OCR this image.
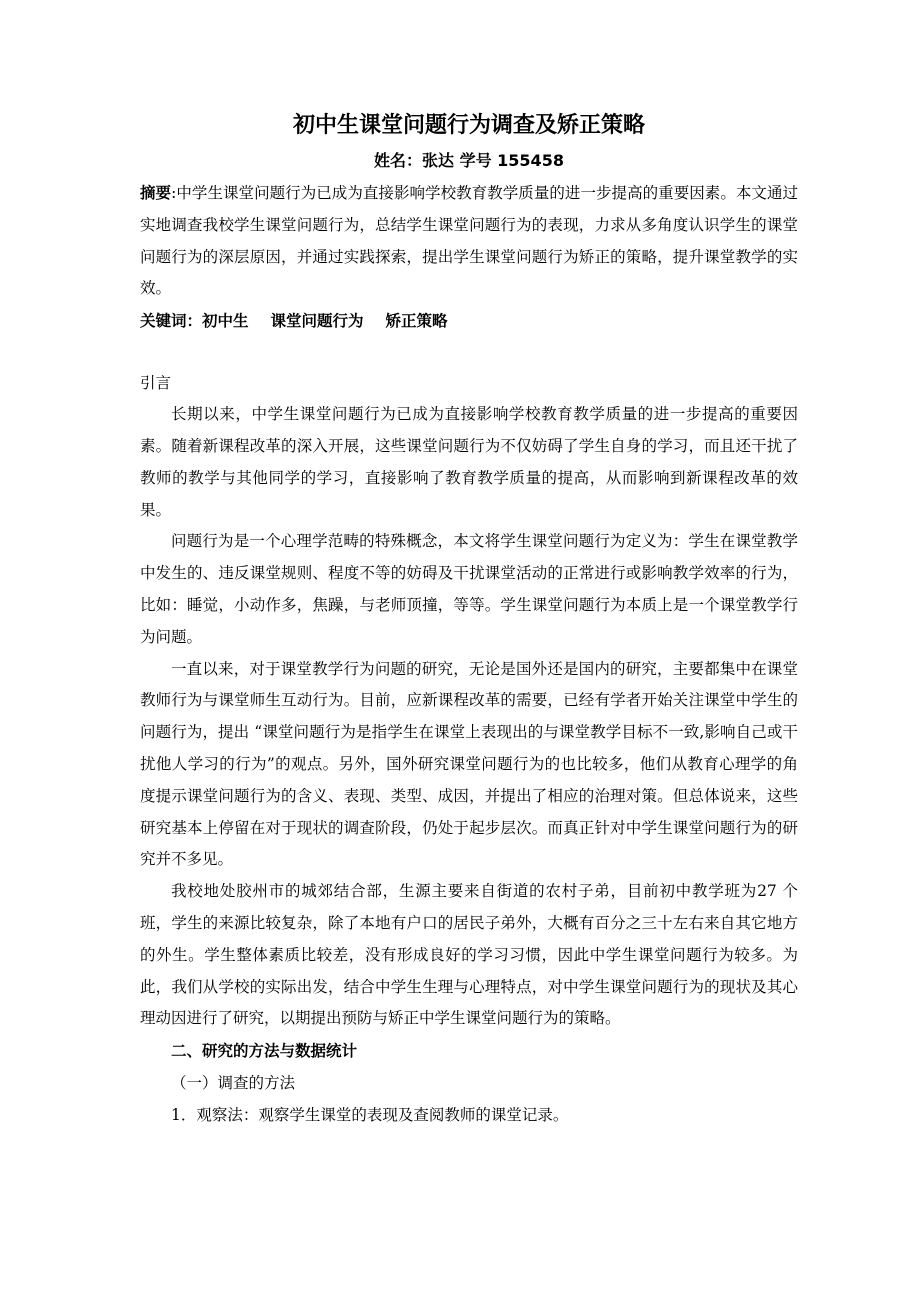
初中生课堂问题行为调查及矫正策略

姓名：张达 学号 155458

摘要:中学生课堂问题行为已成为直接影响学校教育教学质量的进一步提高的重要因素。本文通过实地调查我校学生课堂问题行为，总结学生课堂问题行为的表现，力求从多角度认识学生的课堂问题行为的深层原因，并通过实践探索，提出学生课堂问题行为矫正的策略，提升课堂教学的实效。

关键词：初中生 课堂问题行为 矫正策略

引言

长期以来，中学生课堂问题行为已成为直接影响学校教育教学质量的进一步提高的重要因素。随着新课程改革的深入开展，这些课堂问题行为不仅妨碍了学生自身的学习，而且还干扰了教师的教学与其他同学的学习，直接影响了教育教学质量的提高，从而影响到新课程改革的效果。

问题行为是一个心理学范畴的特殊概念，本文将学生课堂问题行为定义为：学生在课堂教学中发生的、违反课堂规则、程度不等的妨碍及干扰课堂活动的正常进行或影响教学效率的行为，比如：睡觉，小动作多，焦躁，与老师顶撞，等等。学生课堂问题行为本质上是一个课堂教学行为问题。

一直以来，对于课堂教学行为问题的研究，无论是国外还是国内的研究，主要都集中在课堂教师行为与课堂师生互动行为。目前，应新课程改革的需要，已经有学者开始关注课堂中学生的问题行为，提出 “课堂问题行为是指学生在课堂上表现出的与课堂教学目标不一致,影响自己或干扰他人学习的行为”的观点。另外，国外研究课堂问题行为的也比较多，他们从教育心理学的角度提示课堂问题行为的含义、表现、类型、成因，并提出了相应的治理对策。但总体说来，这些研究基本上停留在对于现状的调查阶段，仍处于起步层次。而真正针对中学生课堂问题行为的研究并不多见。

我校地处胶州市的城郊结合部，生源主要来自街道的农村子弟，目前初中教学班为27 个班，学生的来源比较复杂，除了本地有户口的居民子弟外，大概有百分之三十左右来自其它地方的外生。学生整体素质比较差，没有形成良好的学习习惯，因此中学生课堂问题行为较多。为此，我们从学校的实际出发，结合中学生生理与心理特点，对中学生课堂问题行为的现状及其心理动因进行了研究，以期提出预防与矫正中学生课堂问题行为的策略。

二、研究的方法与数据统计

（一）调查的方法

1．观察法：观察学生课堂的表现及查阅教师的课堂记录。
